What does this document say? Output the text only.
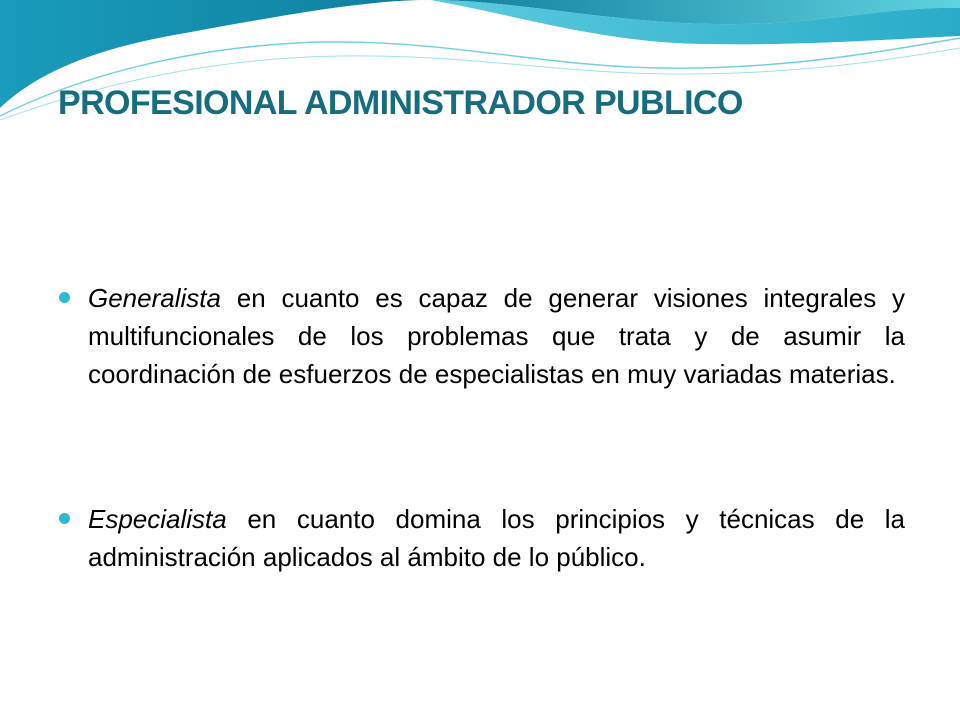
PROFESIONAL ADMINISTRADOR PUBLICO
Generalista en cuanto es capaz de generar visiones integrales y multifuncionales de los problemas que trata y de asumir la coordinación de esfuerzos de especialistas en muy variadas materias.
Especialista en cuanto domina los principios y técnicas de la administración aplicados al ámbito de lo público.
